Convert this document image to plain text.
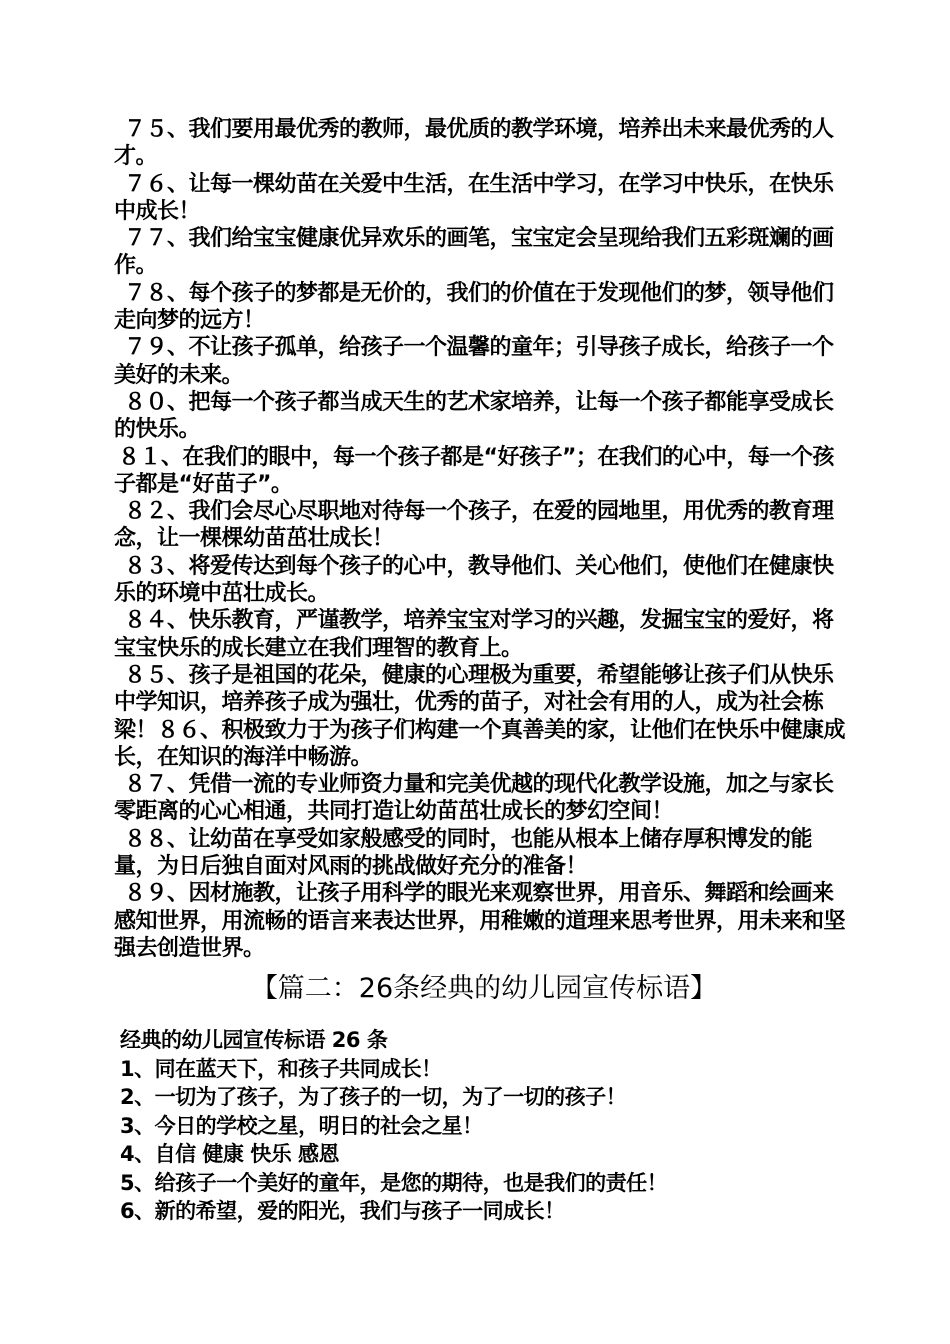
７５、我们要用最优秀的教师，最优质的教学环境，培养出未来最优秀的人才。

７６、让每一棵幼苗在关爱中生活，在生活中学习，在学习中快乐，在快乐中成长！

７７、我们给宝宝健康优异欢乐的画笔，宝宝定会呈现给我们五彩斑斓的画作。

７８、每个孩子的梦都是无价的，我们的价值在于发现他们的梦，领导他们走向梦的远方！

７９、不让孩子孤单，给孩子一个温馨的童年；引导孩子成长，给孩子一个美好的未来。

８０、把每一个孩子都当成天生的艺术家培养，让每一个孩子都能享受成长的快乐。

８１、在我们的眼中，每一个孩子都是“好孩子”；在我们的心中，每一个孩子都是“好苗子”。

８２、我们会尽心尽职地对待每一个孩子，在爱的园地里，用优秀的教育理念，让一棵棵幼苗茁壮成长！

８３、将爱传达到每个孩子的心中，教导他们、关心他们，使他们在健康快乐的环境中茁壮成长。

８４、快乐教育，严谨教学，培养宝宝对学习的兴趣，发掘宝宝的爱好，将宝宝快乐的成长建立在我们理智的教育上。

８５、孩子是祖国的花朵，健康的心理极为重要，希望能够让孩子们从快乐中学知识，培养孩子成为强壮，优秀的苗子，对社会有用的人，成为社会栋梁！８６、积极致力于为孩子们构建一个真善美的家，让他们在快乐中健康成长，在知识的海洋中畅游。

８７、凭借一流的专业师资力量和完美优越的现代化教学设施，加之与家长零距离的心心相通，共同打造让幼苗茁壮成长的梦幻空间！

８８、让幼苗在享受如家般感受的同时，也能从根本上储存厚积博发的能量，为日后独自面对风雨的挑战做好充分的准备！

８９、因材施教，让孩子用科学的眼光来观察世界，用音乐、舞蹈和绘画来感知世界，用流畅的语言来表达世界，用稚嫩的道理来思考世界，用未来和坚强去创造世界。

【篇二：26条经典的幼儿园宣传标语】

经典的幼儿园宣传标语 26 条

1、同在蓝天下，和孩子共同成长！

2、一切为了孩子，为了孩子的一切，为了一切的孩子！

3、今日的学校之星，明日的社会之星！

4、自信 健康 快乐 感恩

5、给孩子一个美好的童年，是您的期待，也是我们的责任！

6、新的希望，爱的阳光，我们与孩子一同成长！
